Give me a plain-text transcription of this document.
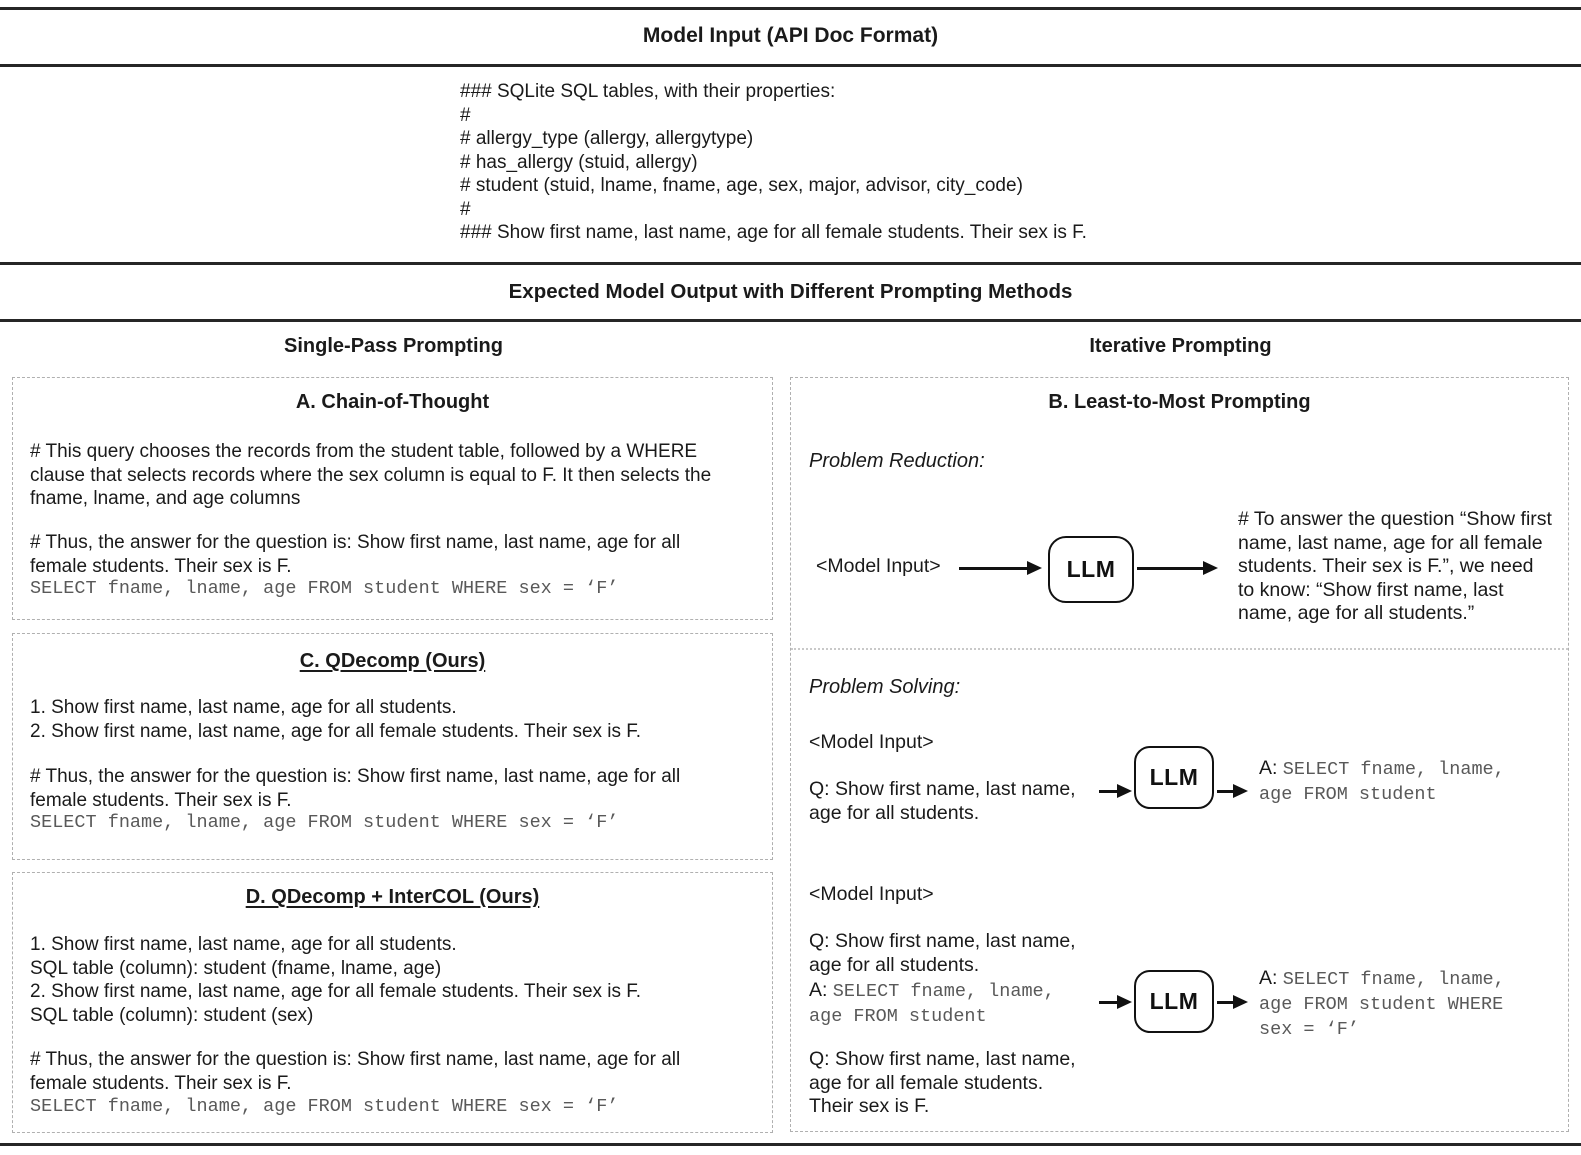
Model Input (API Doc Format)
### SQLite SQL tables, with their properties:
#
# allergy_type (allergy, allergytype)
# has_allergy (stuid, allergy)
# student (stuid, lname, fname, age, sex, major, advisor, city_code)
#
### Show first name, last name, age for all female students. Their sex is F.
Expected Model Output with Different Prompting Methods
Single-Pass Prompting	Iterative Prompting
A. Chain-of-Thought
# This query chooses the records from the student table, followed by a WHERE
clause that selects records where the sex column is equal to F. It then selects the
fname, lname, and age columns
# Thus, the answer for the question is: Show first name, last name, age for all
female students. Their sex is F.
SELECT fname, lname, age FROM student WHERE sex = ‘F’
C. QDecomp (Ours)
1. Show first name, last name, age for all students.
2. Show first name, last name, age for all female students. Their sex is F.
# Thus, the answer for the question is: Show first name, last name, age for all
female students. Their sex is F.
SELECT fname, lname, age FROM student WHERE sex = ‘F’
D. QDecomp + InterCOL (Ours)
1. Show first name, last name, age for all students.
SQL table (column): student (fname, lname, age)
2. Show first name, last name, age for all female students. Their sex is F.
SQL table (column): student (sex)
# Thus, the answer for the question is: Show first name, last name, age for all
female students. Their sex is F.
SELECT fname, lname, age FROM student WHERE sex = ‘F’
B. Least-to-Most Prompting
Problem Reduction:
<Model Input>	LLM
# To answer the question “Show first
name, last name, age for all female
students. Their sex is F.”, we need
to know: “Show first name, last
name, age for all students.”
Problem Solving:
<Model Input>
Q: Show first name, last name,
age for all students.
LLM	A: SELECT fname, lname,
age FROM student
<Model Input>
Q: Show first name, last name,
age for all students.
A: SELECT fname, lname,
age FROM student
Q: Show first name, last name,
age for all female students.
Their sex is F.
LLM
A: SELECT fname, lname,
age FROM student WHERE
sex = ‘F’
